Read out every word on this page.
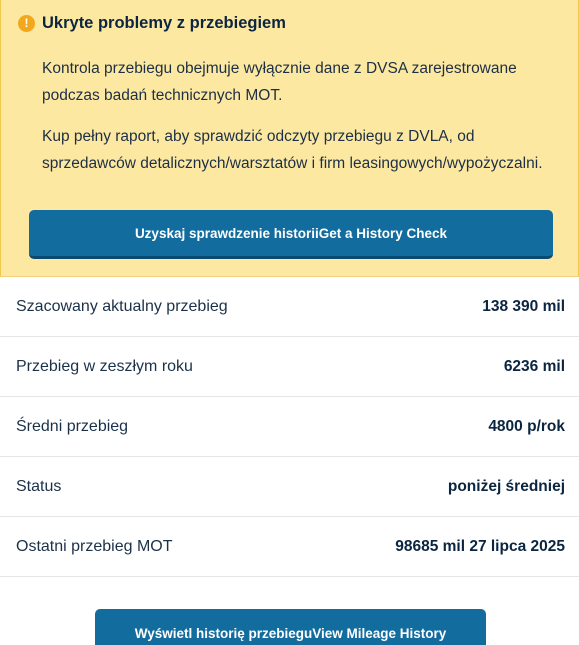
! Ukryte problemy z przebiegiem

Kontrola przebiegu obejmuje wyłącznie dane z DVSA zarejestrowane podczas badań technicznych MOT.

Kup pełny raport, aby sprawdzić odczyty przebiegu z DVLA, od sprzedawców detalicznych/warsztatów i firm leasingowych/wypożyczalni.

Uzyskaj sprawdzenie historiiGet a History Check
Szacowany aktualny przebieg	138 390 mil
Przebieg w zeszłym roku	6236 mil
Średni przebieg	4800 p/rok
Status	poniżej średniej
Ostatni przebieg MOT	98685 mil 27 lipca 2025
Wyświetl historię przebieguView Mileage History
